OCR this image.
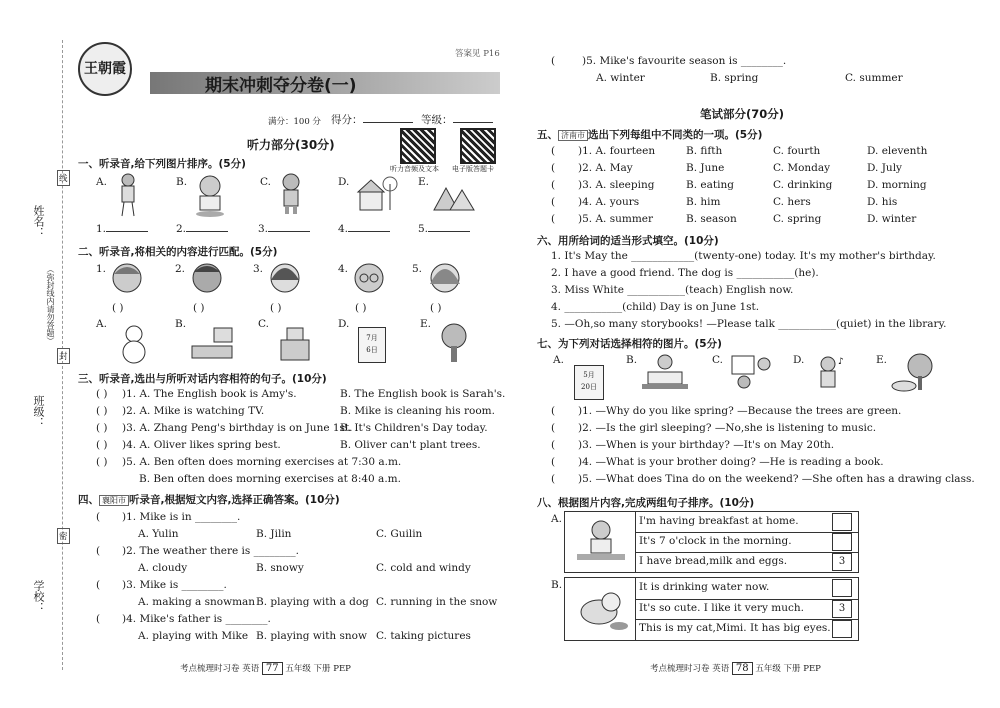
姓名：
班级：
学校：
（弥封线内请勿答题）
线
封
密
王朝霞
期末冲刺夺分卷(一)
答案见 P16
满分：100 分 得分：	等级：
听力音频及文本 电子版答题卡
听力部分(30分)
一、听录音,给下列图片排序。(5分)
A.	B.	C.	D.	E.
1.	2.	3.	4.	5.
二、听录音,将相关的内容进行匹配。(5分)
1.	2.	3.	4.	5.
( )	( )	( )	( )	( )
A.	B.	C.	D.	E.
7月
6日
三、听录音,选出与所听对话内容相符的句子。(10分)
( ) )1. A. The English book is Amy's.	B. The English book is Sarah's.
( ) )2. A. Mike is watching TV.	B. Mike is cleaning his room.
( ) )3. A. Zhang Peng's birthday is on June 1st.
B. It's Children's Day today.
( ) )4. A. Oliver likes spring best.	B. Oliver can't plant trees.
( ) )5. A. Ben often does morning exercises at 7:30 a.m.
B. Ben often does morning exercises at 8:40 a.m.
四、 襄阳市 听录音,根据短文内容,选择正确答案。(10分)
( )1. Mike is in ________.
A. Yulin	B. Jilin	C. Guilin
( )2. The weather there is ________.
A. cloudy	B. snowy	C. cold and windy
( )3. Mike is ________.
A. making a snowman B. playing with a dog C. running in the snow
( )4. Mike's father is ________.
A. playing with Mike B. playing with snow C. taking pictures
(	)5. Mike's favourite season is ________.
A. winter	B. spring	C. summer
笔试部分(70分)
五、 济南市 选出下列每组中不同类的一项。(5分)
( )1. A. fourteen	B. fifth	C. fourth	D. eleventh
( )2. A. May	B. June	C. Monday	D. July
( )3. A. sleeping	B. eating	C. drinking	D. morning
( )4. A. yours	B. him	C. hers	D. his
( )5. A. summer	B. season	C. spring	D. winter
六、用所给词的适当形式填空。(10分)
1. It's May the ____________(twenty-one) today. It's my mother's birthday.
2. I have a good friend. The dog is ___________(he).
3. Miss White ___________(teach) English now.
4. ___________(child) Day is on June 1st.
5. —Oh,so many storybooks! —Please talk ___________(quiet) in the library.
七、为下列对话选择相符的图片。(5分)
A.	B.	C.	D.	E.
5月
20日
♪
( )1. —Why do you like spring? —Because the trees are green.
( )2. —Is the girl sleeping? —No,she is listening to music.
( )3. —When is your birthday? —It's on May 20th.
( )4. —What is your brother doing? —He is reading a book.
( )5. —What does Tina do on the weekend? —She often has a drawing class.
八、根据图片内容,完成两组句子排序。(10分)
A.	I'm having breakfast at home.
It's 7 o'clock in the morning.
I have bread,milk and eggs.	3
B.	It is drinking water now.
It's so cute. I like it very much.	3
This is my cat,Mimi. It has big eyes.
考点梳理时习卷 英语 77 五年级 下册 PEP	考点梳理时习卷 英语 78 五年级 下册 PEP
